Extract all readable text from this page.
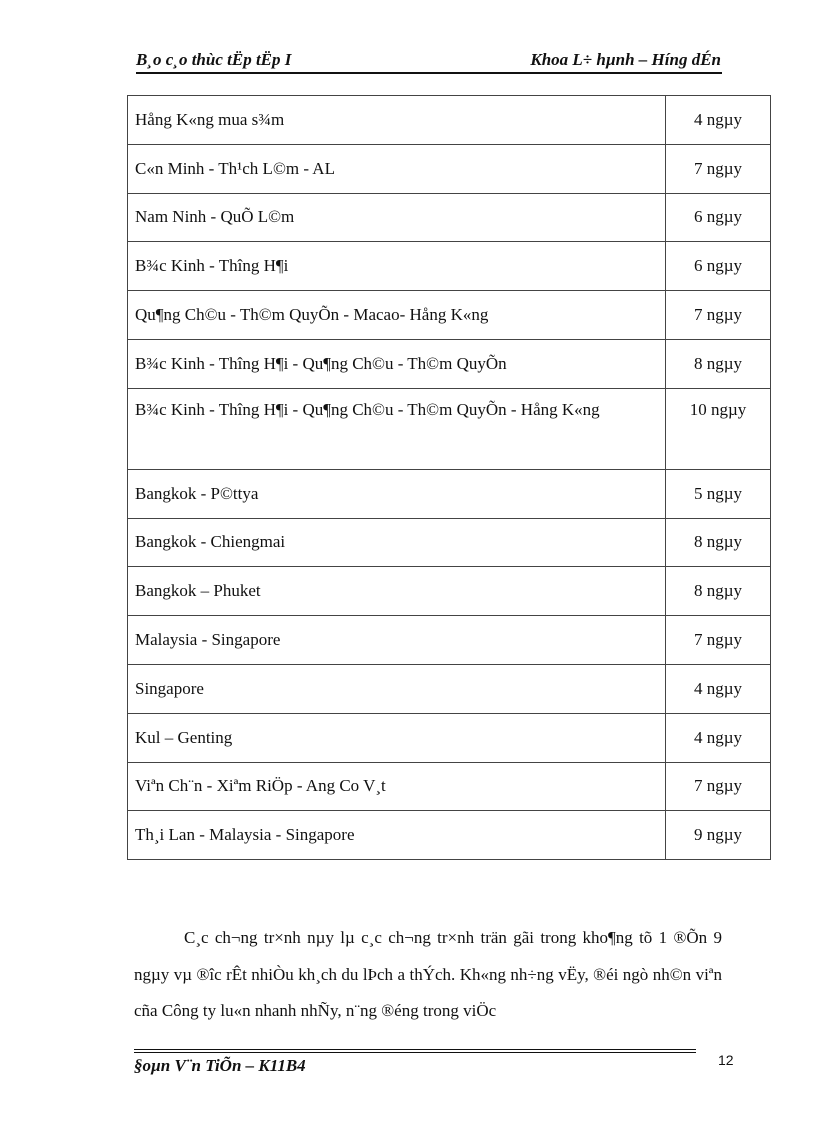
B¸o c¸o thùc tËp tËp I	Khoa L÷ hµnh – Híng dÉn
Hång K«ng mua s¾m	4 ngµy
C«n Minh - Th¹ch L©m - AL	7 ngµy
Nam Ninh - QuÕ L©m	6 ngµy
B¾c Kinh - Thîng H¶i	6 ngµy
Qu¶ng Ch©u - Th©m QuyÕn - Macao- Hång K«ng	7 ngµy
B¾c Kinh - Thîng H¶i - Qu¶ng Ch©u - Th©m QuyÕn	8 ngµy
B¾c Kinh - Thîng H¶i - Qu¶ng Ch©u - Th©m QuyÕn - Hång K«ng	10 ngµy
Bangkok - P©ttya	5 ngµy
Bangkok - Chiengmai	8 ngµy
Bangkok – Phuket	8 ngµy
Malaysia - Singapore	7 ngµy
Singapore	4 ngµy
Kul – Genting	4 ngµy
Viªn Ch¨n - Xiªm RiÖp - Ang Co V¸t	7 ngµy
Th¸i Lan - Malaysia - Singapore	9 ngµy

C¸c ch¬ng tr×nh nµy lµ c¸c ch¬ng tr×nh trän gãi trong kho¶ng tõ 1 ®Õn 9 ngµy vµ ®îc rÊt nhiÒu kh¸ch du lÞch a thÝch. Kh«ng nh÷ng vËy, ®éi ngò nh©n viªn cña Công ty lu«n nhanh nhÑy, n¨ng ®éng trong viÖc

§oµn V¨n TiÕn – K11B4	12
